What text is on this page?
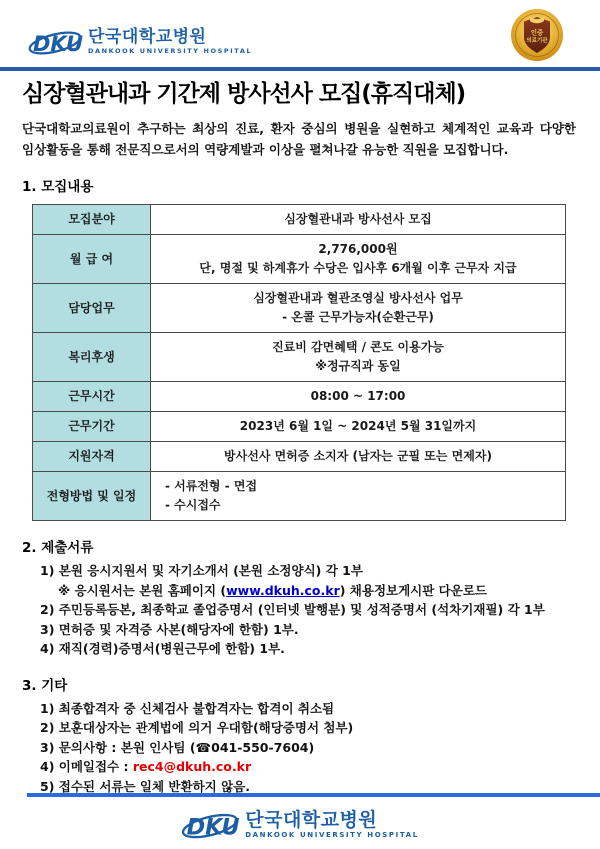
DKU 단국대학교병원
DANKOOK UNIVERSITY HOSPITAL
인증
의료기관
심장혈관내과 기간제 방사선사 모집(휴직대체)

단국대학교의료원이 추구하는 최상의 진료, 환자 중심의 병원을 실현하고 체계적인 교육과 다양한 임상활동을 통해 전문직으로서의 역량계발과 이상을 펼쳐나갈 유능한 직원을 모집합니다.

1. 모집내용
모집분야	심장혈관내과 방사선사 모집

월 급 여	2,776,000원
단, 명절 및 하계휴가 수당은 입사후 6개월 이후 근무자 지급

담당업무	심장혈관내과 혈관조영실 방사선사 업무
- 온콜 근무가능자(순환근무)

복리후생	진료비 감면혜택 / 콘도 이용가능
※정규직과 동일

근무시간	08:00 ~ 17:00

근무기간	2023년 6월 1일 ~ 2024년 5월 31일까지

지원자격	방사선사 면허증 소지자 (남자는 군필 또는 면제자)

전형방법 및 일정	- 서류전형 - 면접
- 수시접수
2. 제출서류
1) 본원 응시지원서 및 자기소개서 (본원 소정양식) 각 1부
※ 응시원서는 본원 홈페이지 (www.dkuh.co.kr) 채용정보게시판 다운로드
2) 주민등록등본, 최종학교 졸업증명서 (인터넷 발행분) 및 성적증명서 (석차기재필) 각 1부
3) 면허증 및 자격증 사본(해당자에 한함) 1부.
4) 재직(경력)증명서(병원근무에 한함) 1부.
3. 기타
1) 최종합격자 중 신체검사 불합격자는 합격이 취소됨
2) 보훈대상자는 관계법에 의거 우대함(해당증명서 첨부)
3) 문의사항 : 본원 인사팀 (☎041-550-7604)
4) 이메일접수 : rec4@dkuh.co.kr
5) 접수된 서류는 일체 반환하지 않음.
DKU 단국대학교병원
DANKOOK UNIVERSITY HOSPITAL
